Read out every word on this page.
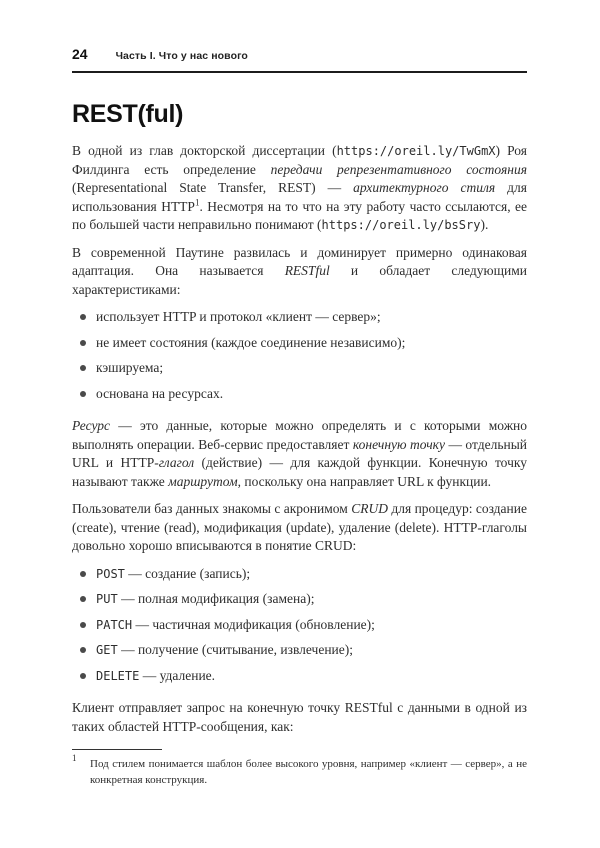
24	Часть I. Что у нас нового
REST(ful)

В одной из глав докторской диссертации (https://oreil.ly/TwGmX) Роя Филдинга есть определение передачи репрезентативного состояния (Representational State Transfer, REST) — архитектурного стиля для использования HTTP$^1$. Несмотря на то что на эту работу часто ссылаются, ее по большей части неправильно понимают (https://oreil.ly/bsSry).

В современной Паутине развилась и доминирует примерно одинаковая адаптация. Она называется RESTful и обладает следующими характеристиками:

использует HTTP и протокол «клиент — сервер»;
не имеет состояния (каждое соединение независимо);
кэшируема;
основана на ресурсах.

Ресурс — это данные, которые можно определять и с которыми можно выполнять операции. Веб-сервис предоставляет конечную точку — отдельный URL и HTTP-глагол (действие) — для каждой функции. Конечную точку называют также маршрутом, поскольку она направляет URL к функции.

Пользователи баз данных знакомы с акронимом CRUD для процедур: создание (create), чтение (read), модификация (update), удаление (delete). HTTP-глаголы довольно хорошо вписываются в понятие CRUD:

POST — создание (запись);
PUT — полная модификация (замена);
PATCH — частичная модификация (обновление);
GET — получение (считывание, извлечение);
DELETE — удаление.

Клиент отправляет запрос на конечную точку RESTful с данными в одной из таких областей HTTP-сообщения, как:

1	Под стилем понимается шаблон более высокого уровня, например «клиент — сервер», а не конкретная конструкция.
